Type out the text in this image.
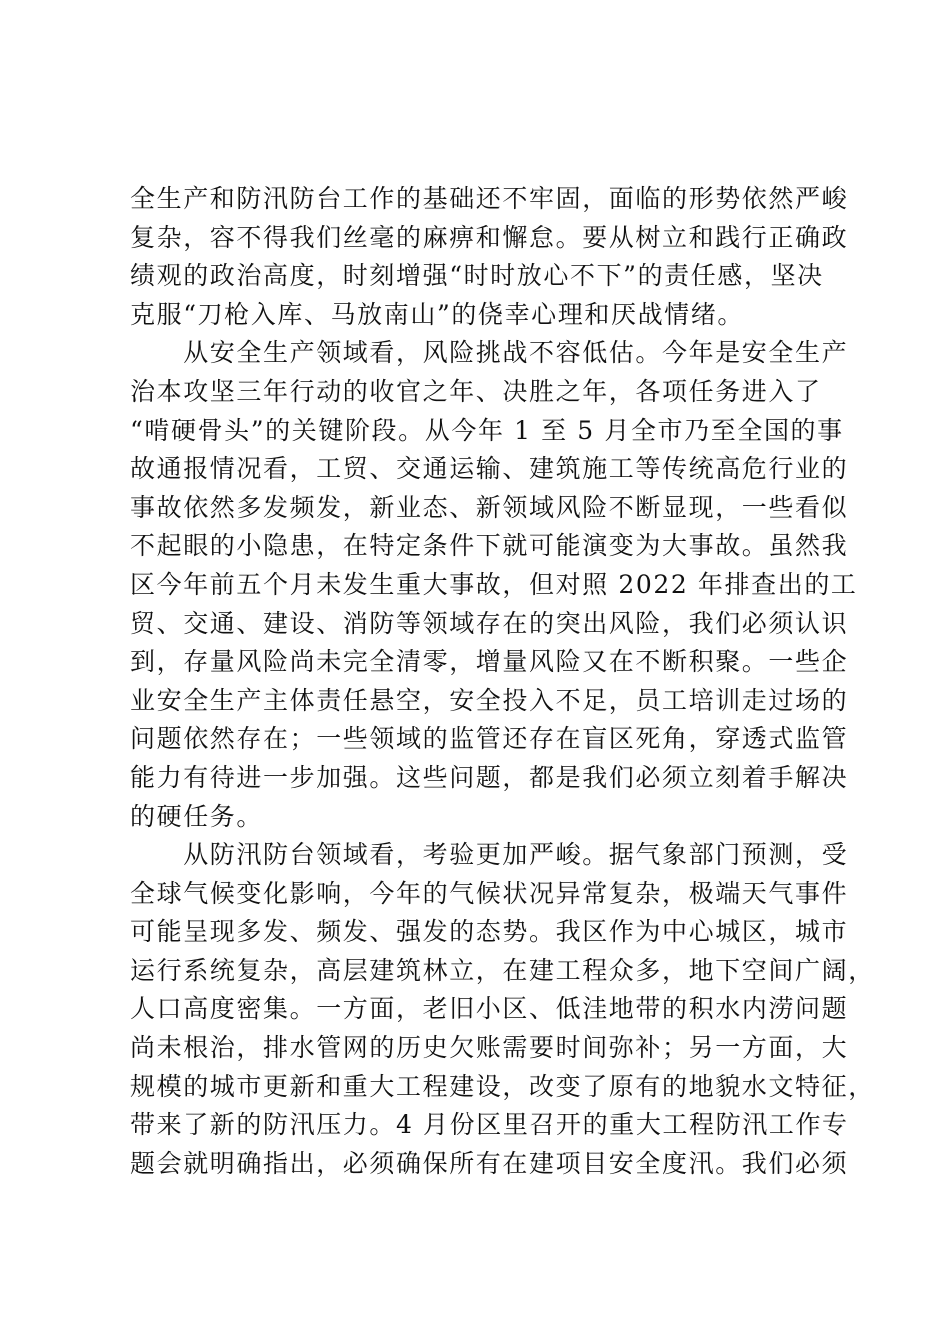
全生产和防汛防台工作的基础还不牢固，面临的形势依然严峻
复杂，容不得我们丝毫的麻痹和懈怠。要从树立和践行正确政
绩观的政治高度，时刻增强“时时放心不下”的责任感，坚决
克服“刀枪入库、马放南山”的侥幸心理和厌战情绪。
　　从安全生产领域看，风险挑战不容低估。今年是安全生产
治本攻坚三年行动的收官之年、决胜之年，各项任务进入了
“啃硬骨头”的关键阶段。从今年 1 至 5 月全市乃至全国的事
故通报情况看，工贸、交通运输、建筑施工等传统高危行业的
事故依然多发频发，新业态、新领域风险不断显现，一些看似
不起眼的小隐患，在特定条件下就可能演变为大事故。虽然我
区今年前五个月未发生重大事故，但对照 2022 年排查出的工
贸、交通、建设、消防等领域存在的突出风险，我们必须认识
到，存量风险尚未完全清零，增量风险又在不断积聚。一些企
业安全生产主体责任悬空，安全投入不足，员工培训走过场的
问题依然存在；一些领域的监管还存在盲区死角，穿透式监管
能力有待进一步加强。这些问题，都是我们必须立刻着手解决
的硬任务。
　　从防汛防台领域看，考验更加严峻。据气象部门预测，受
全球气候变化影响，今年的气候状况异常复杂，极端天气事件
可能呈现多发、频发、强发的态势。我区作为中心城区，城市
运行系统复杂，高层建筑林立，在建工程众多，地下空间广阔，
人口高度密集。一方面，老旧小区、低洼地带的积水内涝问题
尚未根治，排水管网的历史欠账需要时间弥补；另一方面，大
规模的城市更新和重大工程建设，改变了原有的地貌水文特征，
带来了新的防汛压力。4 月份区里召开的重大工程防汛工作专
题会就明确指出，必须确保所有在建项目安全度汛。我们必须
